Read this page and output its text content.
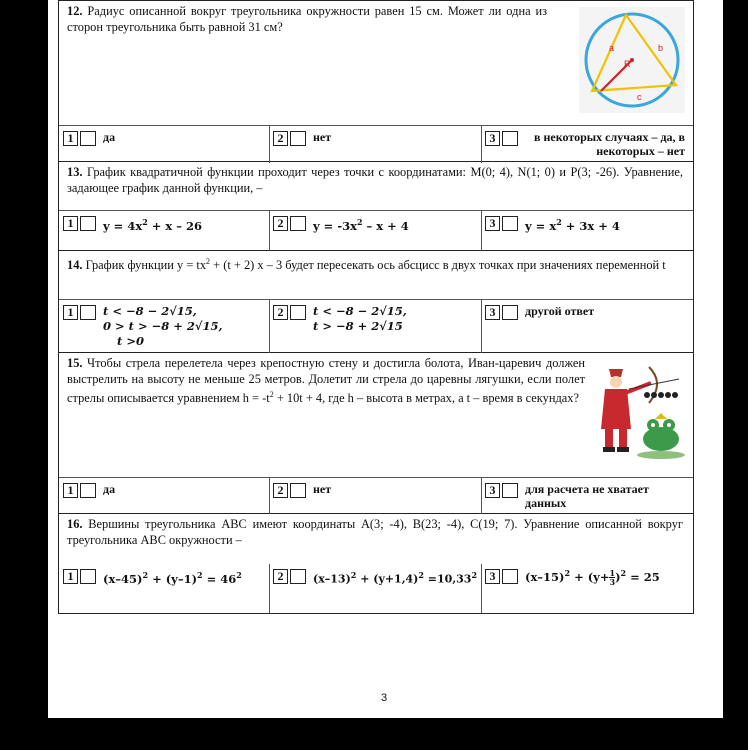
12. Радиус описанной вокруг треугольника окружности равен 15 см. Может ли одна из сторон треугольника быть равной 31 см?
a	b
R
c
1	да	2	нет	3	в некоторых случаях – да, в некоторых – нет
13. График квадратичной функции проходит через точки с координатами: M(0; 4), N(1; 0) и P(3; -26). Уравнение, задающее график данной функции, –
1	$y = 4x^2 + x - 26$	2	$y = -3x^2 - x + 4$	3	$y = x^2 + 3x + 4$
14. График функции $y = tx^2 + (t + 2)$ x – 3 будет пересекать ось абсцисс в двух точках при значениях переменной t
1	t < −8 − 2√15,
0 > t > −8 + 2√15,
t >0
2	t < −8 − 2√15,
t > −8 + 2√15
3	другой ответ
15. Чтобы стрела перелетела через крепостную стену и достигла болота, Иван-царевич должен выстрелить на высоту не меньше 25 метров. Долетит ли стрела до царевны лягушки, если полет стрелы описывается уравнением $h = -t^2 + 10t + 4$, где h – высота в метрах, а t – время в секундах?
1	да	2	нет	3	для расчета не хватает данных
16. Вершины треугольника ABC имеют координаты A(3; -4), B(23; -4), C(19; 7). Уравнение описанной вокруг треугольника ABC окружности –
1	$(x-45)^2 + (y-1)^2 = 46^2$	2	$(x-13)^2 + (y+1,4)^2 =10,33^2$	3	$(x-15)^2 + (y+ \frac{1}{3} )^2 = 25$
3
